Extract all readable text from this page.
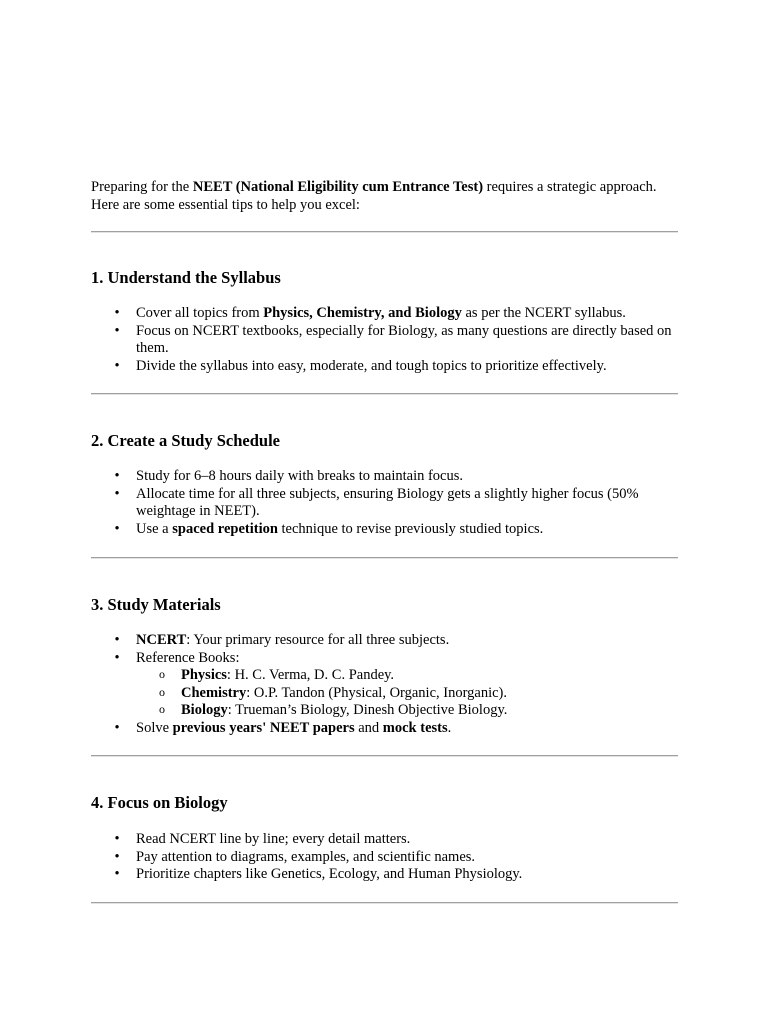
Preparing for the NEET (National Eligibility cum Entrance Test) requires a strategic approach. Here are some essential tips to help you excel:

1. Understand the Syllabus
• Cover all topics from Physics, Chemistry, and Biology as per the NCERT syllabus.
• Focus on NCERT textbooks, especially for Biology, as many questions are directly based on them.
• Divide the syllabus into easy, moderate, and tough topics to prioritize effectively.
2. Create a Study Schedule
• Study for 6–8 hours daily with breaks to maintain focus.
• Allocate time for all three subjects, ensuring Biology gets a slightly higher focus (50% weightage in NEET).
• Use a spaced repetition technique to revise previously studied topics.
3. Study Materials
• NCERT: Your primary resource for all three subjects.
• Reference Books:
o Physics: H. C. Verma, D. C. Pandey.
o Chemistry: O.P. Tandon (Physical, Organic, Inorganic).
o Biology: Trueman’s Biology, Dinesh Objective Biology.
• Solve previous years' NEET papers and mock tests.
4. Focus on Biology
• Read NCERT line by line; every detail matters.
• Pay attention to diagrams, examples, and scientific names.
• Prioritize chapters like Genetics, Ecology, and Human Physiology.
